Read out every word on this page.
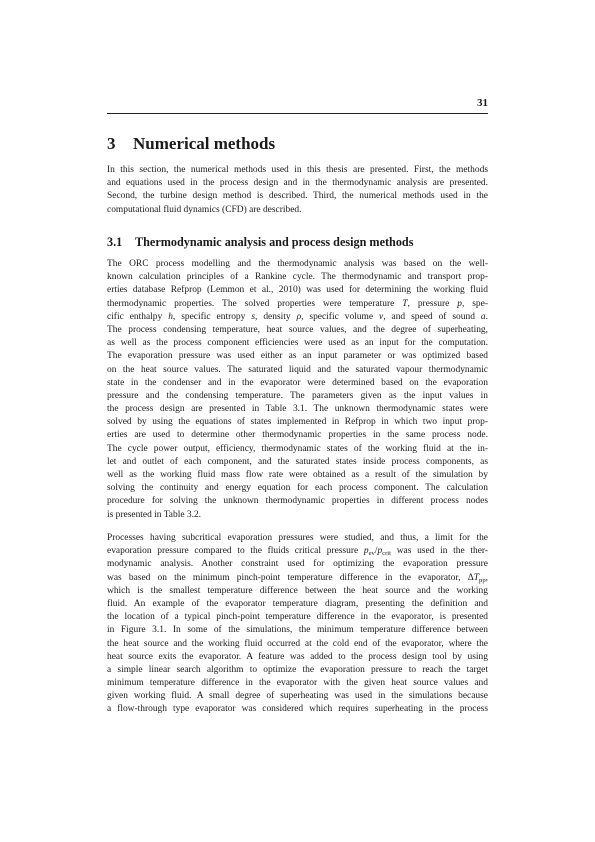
31
3 Numerical methods
In this section, the numerical methods used in this thesis are presented. First, the methods
and equations used in the process design and in the thermodynamic analysis are presented.
Second, the turbine design method is described. Third, the numerical methods used in the
computational fluid dynamics (CFD) are described.
3.1 Thermodynamic analysis and process design methods
The ORC process modelling and the thermodynamic analysis was based on the well-
known calculation principles of a Rankine cycle. The thermodynamic and transport prop-
erties database Refprop (Lemmon et al., 2010) was used for determining the working fluid
thermodynamic properties. The solved properties were temperature T, pressure p, spe-
cific enthalpy h, specific entropy s, density ρ, specific volume v, and speed of sound a.
The process condensing temperature, heat source values, and the degree of superheating,
as well as the process component efficiencies were used as an input for the computation.
The evaporation pressure was used either as an input parameter or was optimized based
on the heat source values. The saturated liquid and the saturated vapour thermodynamic
state in the condenser and in the evaporator were determined based on the evaporation
pressure and the condensing temperature. The parameters given as the input values in
the process design are presented in Table 3.1. The unknown thermodynamic states were
solved by using the equations of states implemented in Refprop in which two input prop-
erties are used to determine other thermodynamic properties in the same process node.
The cycle power output, efficiency, thermodynamic states of the working fluid at the in-
let and outlet of each component, and the saturated states inside process components, as
well as the working fluid mass flow rate were obtained as a result of the simulation by
solving the continuity and energy equation for each process component. The calculation
procedure for solving the unknown thermodynamic properties in different process nodes
is presented in Table 3.2.
Processes having subcritical evaporation pressures were studied, and thus, a limit for the
evaporation pressure compared to the fluids critical pressure $p_{ev}/p_{crit}$ was used in the ther-
modynamic analysis. Another constraint used for optimizing the evaporation pressure
was based on the minimum pinch-point temperature difference in the evaporator, $\Delta T_{pp}$,
which is the smallest temperature difference between the heat source and the working
fluid. An example of the evaporator temperature diagram, presenting the definition and
the location of a typical pinch-point temperature difference in the evaporator, is presented
in Figure 3.1. In some of the simulations, the minimum temperature difference between
the heat source and the working fluid occurred at the cold end of the evaporator, where the
heat source exits the evaporator. A feature was added to the process design tool by using
a simple linear search algorithm to optimize the evaporation pressure to reach the target
minimum temperature difference in the evaporator with the given heat source values and
given working fluid. A small degree of superheating was used in the simulations because
a flow-through type evaporator was considered which requires superheating in the process
